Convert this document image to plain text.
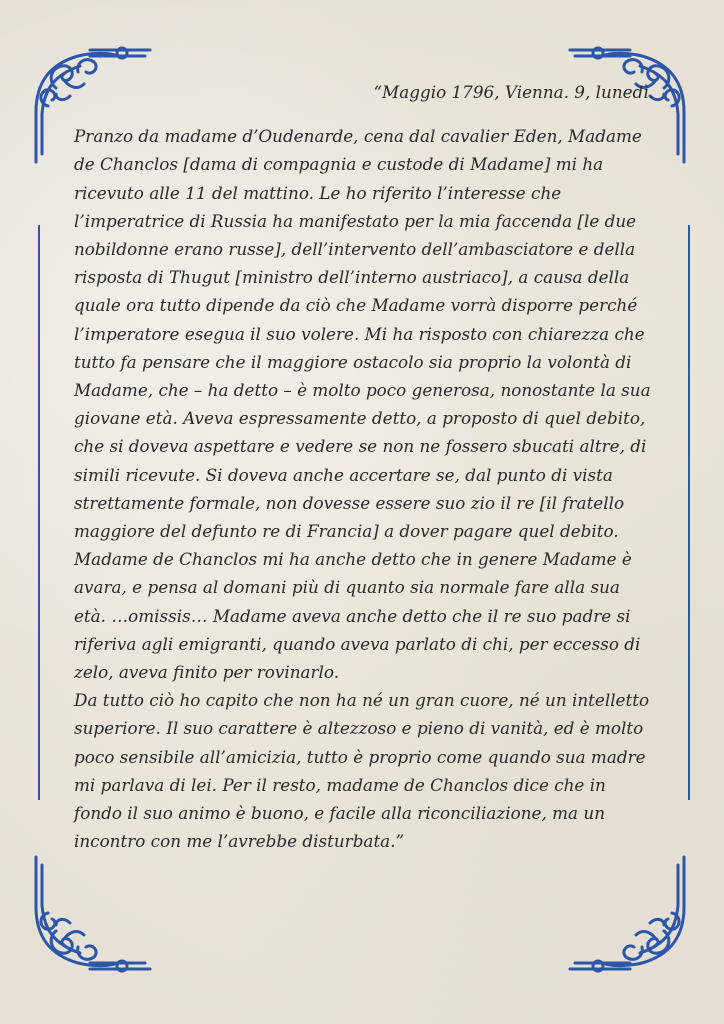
“Maggio 1796, Vienna. 9, lunedì.

Pranzo da madame d’Oudenarde, cena dal cavalier Eden, Madame de Chanclos [dama di compagnia e custode di Madame] mi ha ricevuto alle 11 del mattino. Le ho riferito l’interesse che l’imperatrice di Russia ha manifestato per la mia faccenda [le due nobildonne erano russe], dell’intervento dell’ambasciatore e della risposta di Thugut [ministro dell’interno austriaco], a causa della quale ora tutto dipende da ciò che Madame vorrà disporre perché l’imperatore esegua il suo volere. Mi ha risposto con chiarezza che tutto fa pensare che il maggiore ostacolo sia proprio la volontà di Madame, che – ha detto – è molto poco generosa, nonostante la sua giovane età. Aveva espressamente detto, a proposto di quel debito, che si doveva aspettare e vedere se non ne fossero sbucati altre, di simili ricevute. Si doveva anche accertare se, dal punto di vista strettamente formale, non dovesse essere suo zio il re [il fratello maggiore del defunto re di Francia] a dover pagare quel debito. Madame de Chanclos mi ha anche detto che in genere Madame è avara, e pensa al domani più di quanto sia normale fare alla sua età. …omissis… Madame aveva anche detto che il re suo padre si riferiva agli emigranti, quando aveva parlato di chi, per eccesso di zelo, aveva finito per rovinarlo.

Da tutto ciò ho capito che non ha né un gran cuore, né un intelletto superiore. Il suo carattere è altezzoso e pieno di vanità, ed è molto poco sensibile all’amicizia, tutto è proprio come quando sua madre mi parlava di lei. Per il resto, madame de Chanclos dice che in fondo il suo animo è buono, e facile alla riconciliazione, ma un incontro con me l’avrebbe disturbata.”
